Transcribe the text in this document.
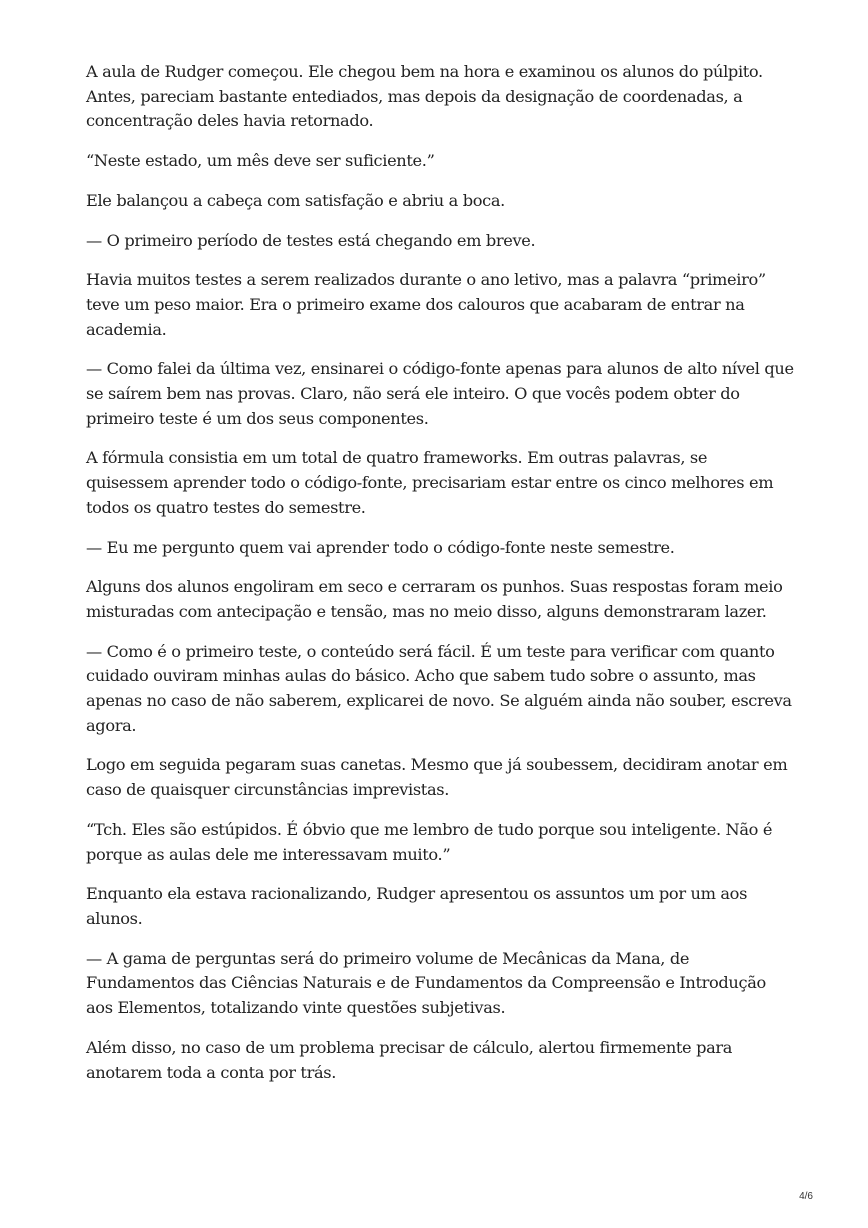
A aula de Rudger começou. Ele chegou bem na hora e examinou os alunos do púlpito. Antes, pareciam bastante entediados, mas depois da designação de coordenadas, a concentração deles havia retornado.

“Neste estado, um mês deve ser suficiente.”

Ele balançou a cabeça com satisfação e abriu a boca.

— O primeiro período de testes está chegando em breve.

Havia muitos testes a serem realizados durante o ano letivo, mas a palavra “primeiro” teve um peso maior. Era o primeiro exame dos calouros que acabaram de entrar na academia.

— Como falei da última vez, ensinarei o código-fonte apenas para alunos de alto nível que se saírem bem nas provas. Claro, não será ele inteiro. O que vocês podem obter do primeiro teste é um dos seus componentes.

A fórmula consistia em um total de quatro frameworks. Em outras palavras, se quisessem aprender todo o código-fonte, precisariam estar entre os cinco melhores em todos os quatro testes do semestre.

— Eu me pergunto quem vai aprender todo o código-fonte neste semestre.

Alguns dos alunos engoliram em seco e cerraram os punhos. Suas respostas foram meio misturadas com antecipação e tensão, mas no meio disso, alguns demonstraram lazer.

— Como é o primeiro teste, o conteúdo será fácil. É um teste para verificar com quanto cuidado ouviram minhas aulas do básico. Acho que sabem tudo sobre o assunto, mas apenas no caso de não saberem, explicarei de novo. Se alguém ainda não souber, escreva agora.

Logo em seguida pegaram suas canetas. Mesmo que já soubessem, decidiram anotar em caso de quaisquer circunstâncias imprevistas.

“Tch. Eles são estúpidos. É óbvio que me lembro de tudo porque sou inteligente. Não é porque as aulas dele me interessavam muito.”

Enquanto ela estava racionalizando, Rudger apresentou os assuntos um por um aos alunos.

— A gama de perguntas será do primeiro volume de Mecânicas da Mana, de Fundamentos das Ciências Naturais e de Fundamentos da Compreensão e Introdução aos Elementos, totalizando vinte questões subjetivas.

Além disso, no caso de um problema precisar de cálculo, alertou firmemente para anotarem toda a conta por trás.

4/6
